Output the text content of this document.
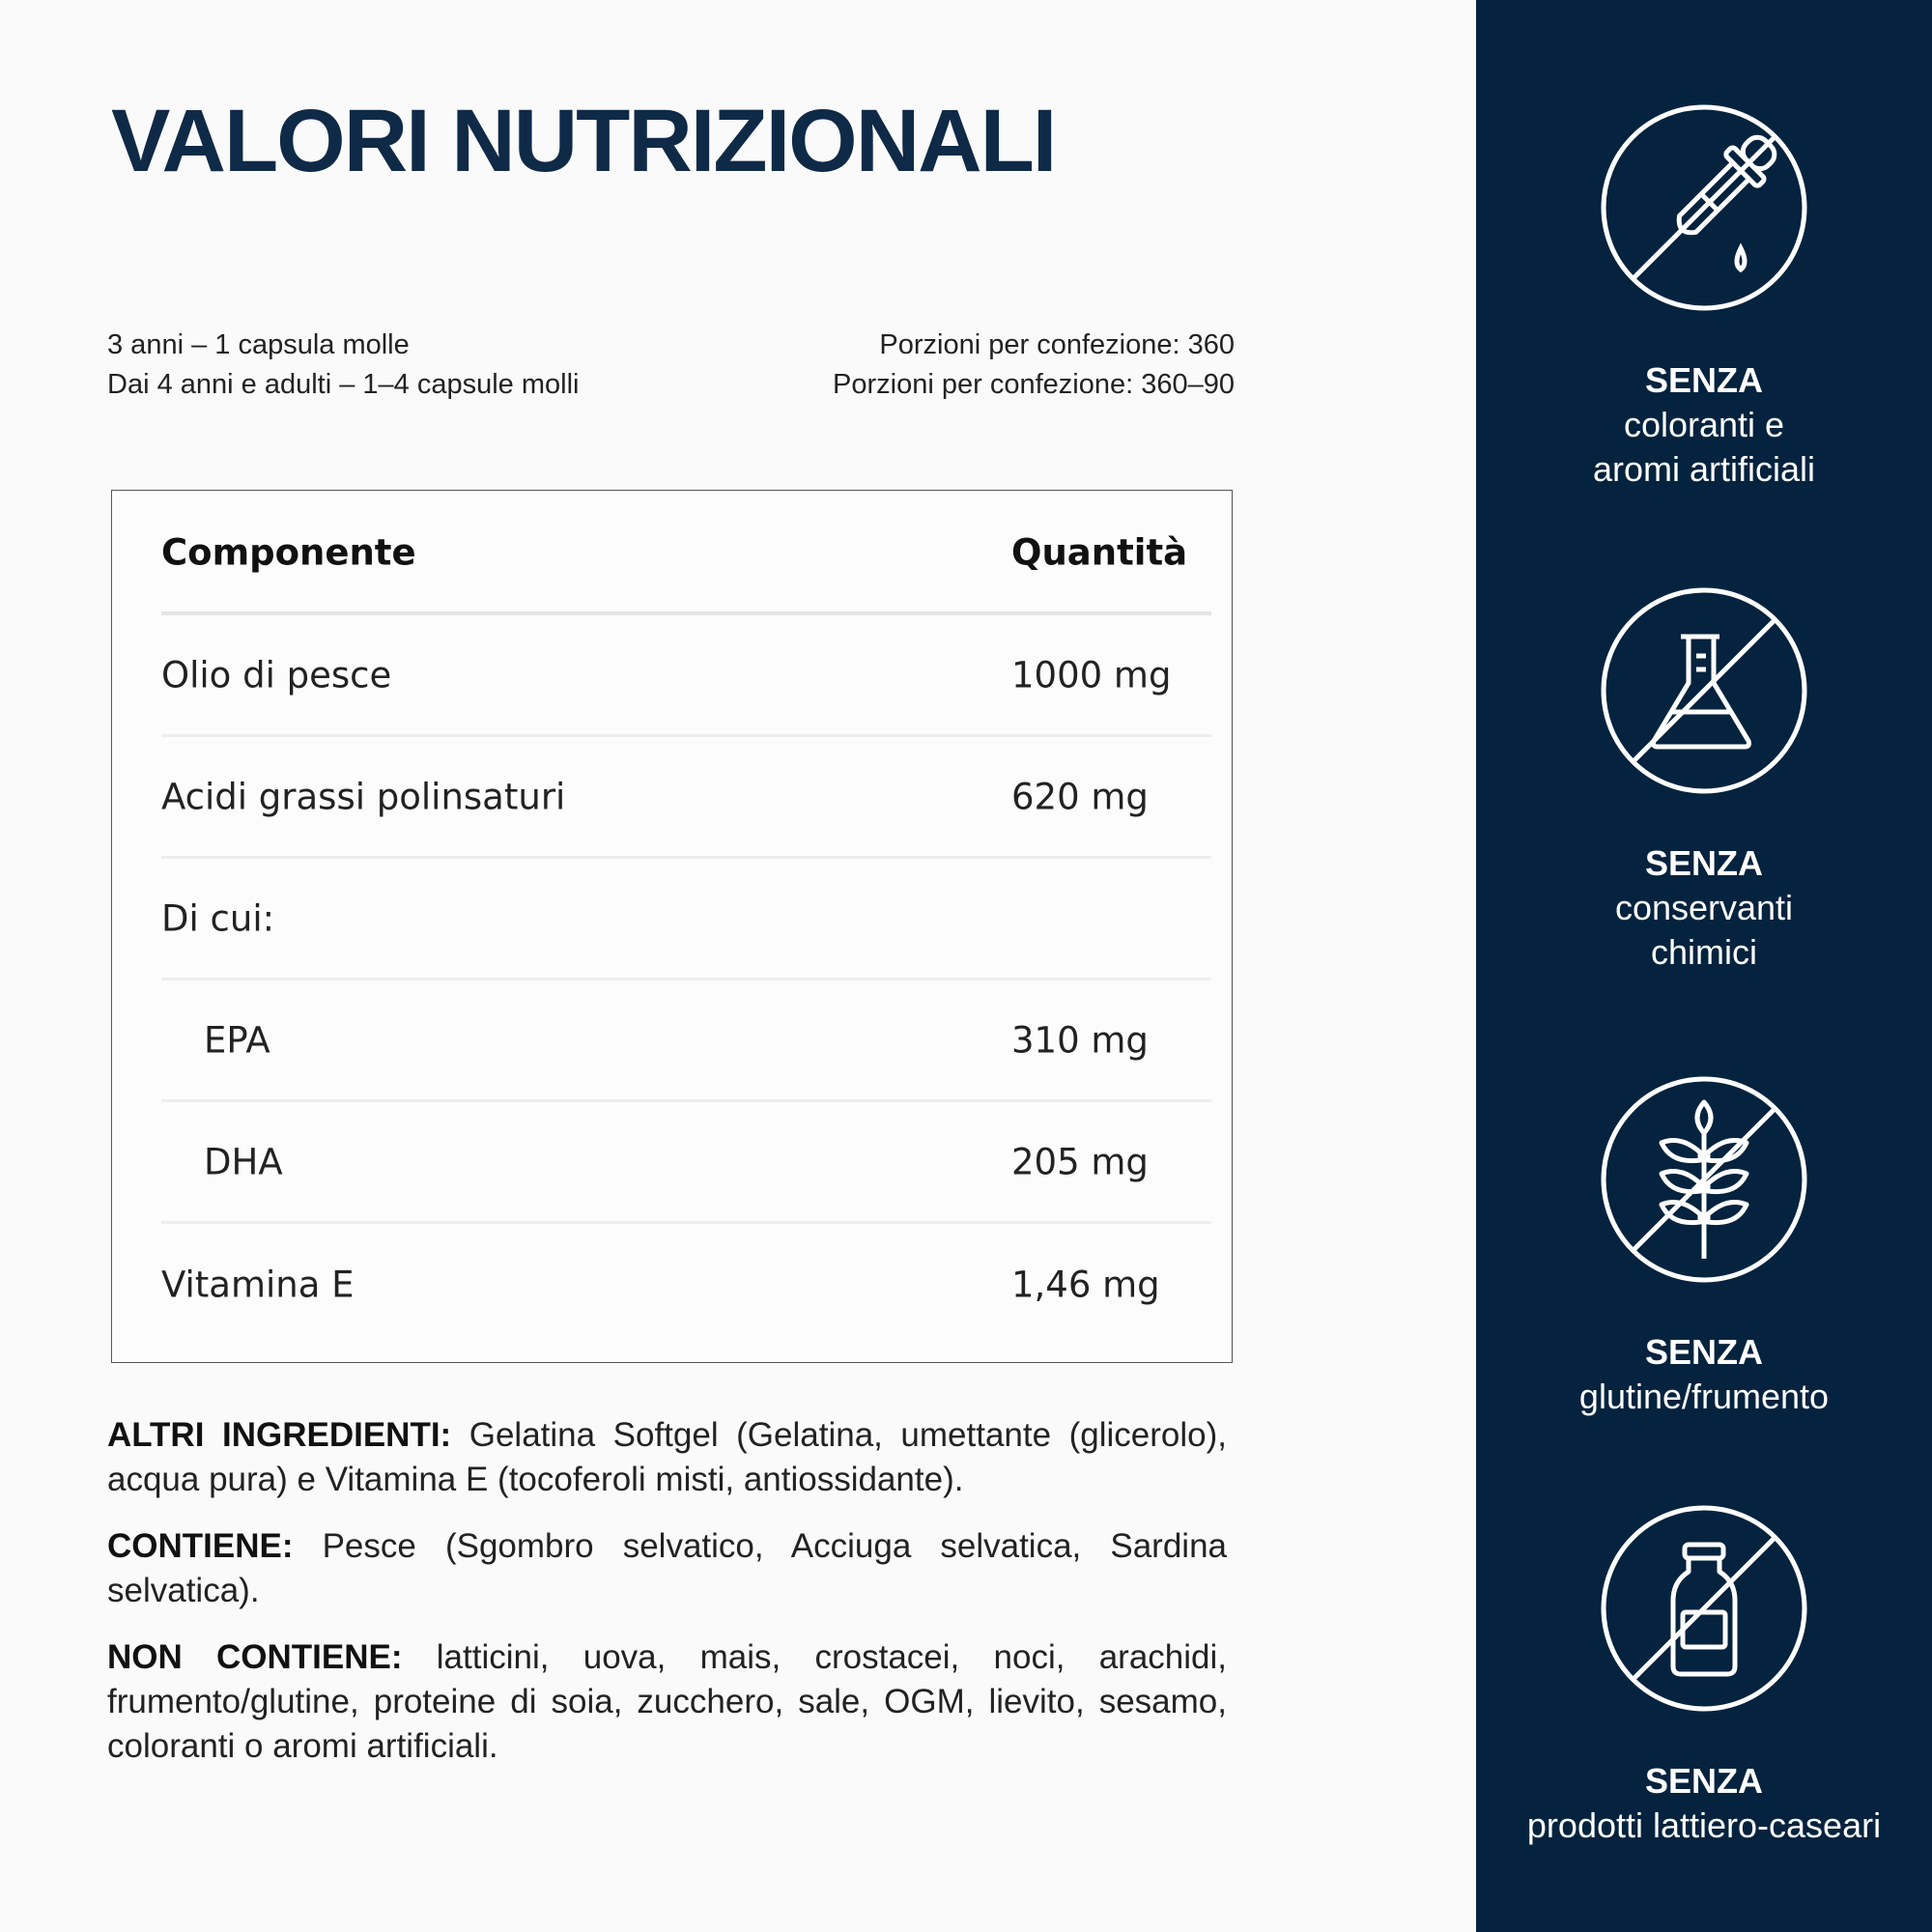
VALORI NUTRIZIONALI
3 anni – 1 capsula molle
Dai 4 anni e adulti – 1–4 capsule molli
Porzioni per confezione: 360
Porzioni per confezione: 360–90
Componente	Quantità
Olio di pesce	1000 mg
Acidi grassi polinsaturi	620 mg
Di cui:
EPA	310 mg
DHA	205 mg
Vitamina E	1,46 mg

ALTRI INGREDIENTI: Gelatina Softgel (Gelatina, umettante (glicerolo), acqua pura) e Vitamina E (tocoferoli misti, antiossidante).

CONTIENE: Pesce (Sgombro selvatico, Acciuga selvatica, Sardina selvatica).

NON CONTIENE: latticini, uova, mais, crostacei, noci, arachidi, frumento/glutine, proteine di soia, zucchero, sale, OGM, lievito, sesamo, coloranti o aromi artificiali.

SENZA
coloranti e
aromi artificiali
SENZA
conservanti
chimici
SENZA
glutine/frumento
SENZA
prodotti lattiero-caseari
